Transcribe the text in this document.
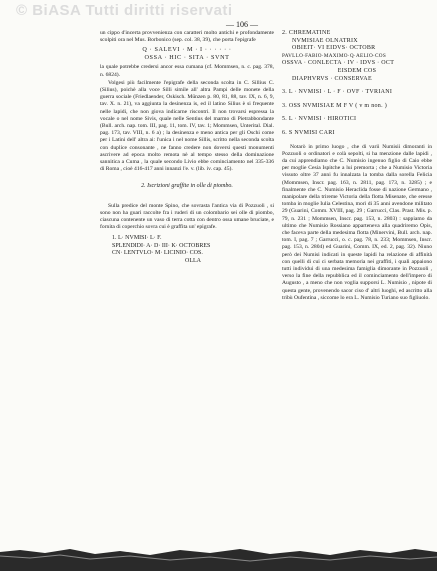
© BiASA Tutti diritti riservati
— 106 —

un cippo d'incerta provvenienza con caratteri molto antichi e profondamente scolpiti ora nel Mus. Borbonico (sep. col. 38, 39), che porta l'epigrafe

Q · SALEVI · M · I · · · · · ·
OSSA · HIC · SITA · SVNT

la quale potrebbe credersi ancor essa cumana (cf. Mommsen, n. c. pag. 378, n. 6824).

Volgesi più facilmente l'epigrafe della seconda scolta in C. Sillius C. (Silius), poichè alla voce Silli simile all' altra Pampi delle monete della guerra sociale (Friedlaender, Oskisch. Münzen p. 80, 81, 88, tav. IX, n. 6, 9, tav. X. n. 21), va aggiunta la desinenza is, ed il latino Silius è si frequente nelle lapidi, che non giova indicarne riscontri. Il non trovarsi espressa la vocale o nel nome Sivis, quale nelle Sentius del marmo di Pietrabbondante (Bull. arch. nap. tom. III, pag. 11, tom. IV, tav. 1; Mommsen, Unterital. Dial. pag. 173, tav. VIII, n. 6 a) ; la desinenza e meno antica per gli Oschi come per i Latini dell' altra ai: l'unica i nel nome Sillis, scritto nella seconda scolta con duplice consonante , ne fanno credere non doversi questi monumenti ascrivere ad epoca molto remota nè al tempo stesso della dominazione sannitica a Cuma , la quale secondo Livio ebbe cominciamento nel 335-336 di Roma , cioè 416-417 anni innanzi l'e. v. (lib. iv. cap. 45).

2. Iscrizioni graffite in olle di piombo.

Sulla predice del monte Spino, che sovrasta l'antica via di Pozzuoli , si sono non ha guari raccolte fra i ruderi di un colombario sei olle di piombo, ciascuna contenente un vaso di terra cotta con dentro ossa umane bruciate, e fornita di coperchio sovra cui è graffita un' epigrafe.

1. L· NVMISI· L· F.
SPLENDIDI· A· D· III· K· OCTOBRES
CN· LENTVLO· M· LICINIO· COS.
OLLA
2. CHREMATINE
NVMISIAE OLNATRIX
OBIEIT· VI EIDVS· OCTOBR
PAVLLO·FABIO·MAXIMO·Q·AELIO·COS
OSSVA · CONLECTA · IV · IDVS · OCT
EISDEM COS
DIAPHVRVS · CONSERVAE
3. L · NVMISI · L · F · OVF · TVRIANI
3. OSS NVMISIAE M F V ( v m non. )
5. L · NVMISI · HIROTICI
6. S NVMISI CARI

Notarò in primo luogo , che di varii Numisii dimoranti in Pozzuoli o ordinatori e colà sepolti, si ha menzione dalle lapidi , da cui apprendiamo che C. Numisio ingenuo figlio di Caio ebbe per moglie Cesia Ispitche a lui premorta ; che a Numisio Victoria vissuto oltre 37 anni fu innalzata la tomba dalla sorella Felicia (Mommsen, Inscr. pag. 163, n. 2811, pag. 173, n. 3285) ; e finalmente che C. Numisio Heraclida fosse di nazione Germano , manipolare della trireme Victoria della flotta Misenate, che eresse tomba in moglie Iulia Celestina, morì di 35 anni avendone militato 29 (Guarini, Comm. XVIII, pag. 29 ; Garrucci, Clas. Prast. Mis. p. 79, n. 231 ; Mommsen, Inscr. pag. 153, n. 2803) : sappiamo da ultimo che Numisio Rossiano apparteneva alla quadriremo Opis, che faceva parte della medesima flotta (Minervini, Bull. arch. nap. tom. I, pag. 7 ; Garrucci, o. c. pag. 78, n. 233; Mommsen, Inscr. pag. 153, n. 2804) ed Guarini, Comm. IX, ed. 2, pag. 32). Niuno però dei Numisi indicati in queste lapidi ha relazione di affinità con quelli di cui ci serbata memoria nei graffiti, i quali appaiono tutti individui di una medesima famiglia dimorante in Pozzuoli , verso la fine della repubblica ed il cominciamento dell'impero di Augusto , a meno che non voglia supporsi L. Numisio , nipote di questa gente, provenendo sacor ciso d' altri luoghi, ed ascritto alla tribù Oufentina , siccome lo era L. Numisio Turiano suo figliuolo.
